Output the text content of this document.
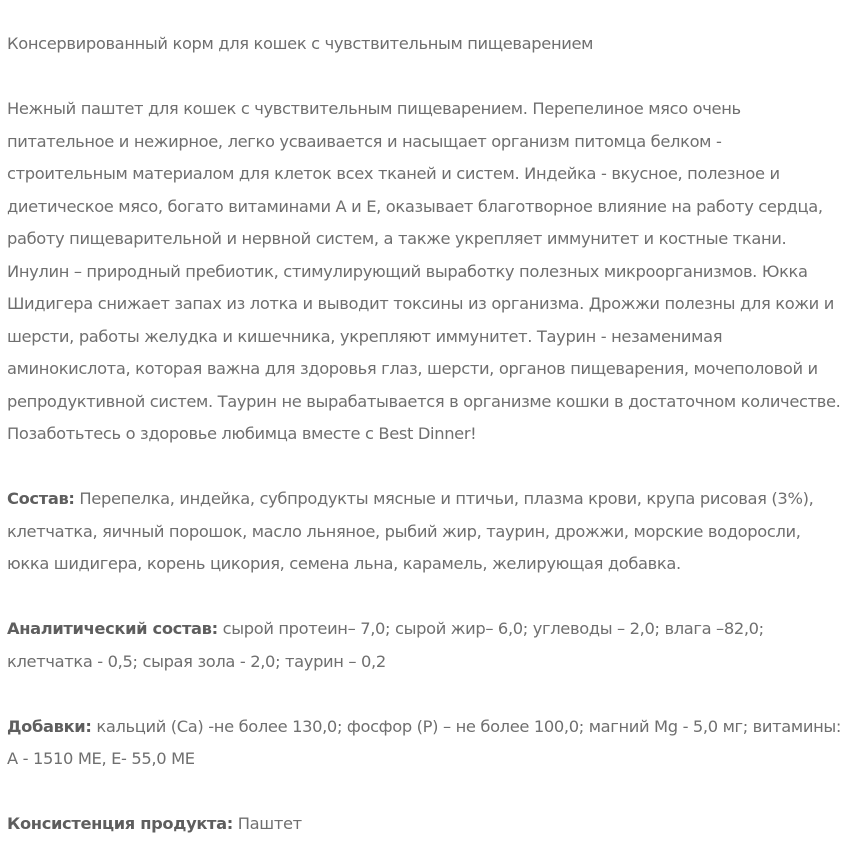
Консервированный корм для кошек с чувствительным пищеварением

Нежный паштет для кошек с чувствительным пищеварением. Перепелиное мясо очень питательное и нежирное, легко усваивается и насыщает организм питомца белком - строительным материалом для клеток всех тканей и систем. Индейка - вкусное, полезное и диетическое мясо, богато витаминами А и Е, оказывает благотворное влияние на работу сердца, работу пищеварительной и нервной систем, а также укрепляет иммунитет и костные ткани. Инулин – природный пребиотик, стимулирующий выработку полезных микроорганизмов. Юкка Шидигера снижает запах из лотка и выводит токсины из организма. Дрожжи полезны для кожи и шерсти, работы желудка и кишечника, укрепляют иммунитет. Таурин - незаменимая аминокислота, которая важна для здоровья глаз, шерсти, органов пищеварения, мочеполовой и репродуктивной систем. Таурин не вырабатывается в организме кошки в достаточном количестве. Позаботьтесь о здоровье любимца вместе с Best Dinner!

Состав: Перепелка, индейка, субпродукты мясные и птичьи, плазма крови, крупа рисовая (3%), клетчатка, яичный порошок, масло льняное, рыбий жир, таурин, дрожжи, морские водоросли, юкка шидигера, корень цикория, семена льна, карамель, желирующая добавка.

Аналитический состав: сырой протеин– 7,0; сырой жир– 6,0; углеводы – 2,0; влага –82,0; клетчатка - 0,5; сырая зола - 2,0; таурин – 0,2

Добавки: кальций (Ca) -не более 130,0; фосфор (P) – не более 100,0; магний Mg - 5,0 мг; витамины: А - 1510 МЕ, Е- 55,0 МЕ

Консистенция продукта: Паштет
